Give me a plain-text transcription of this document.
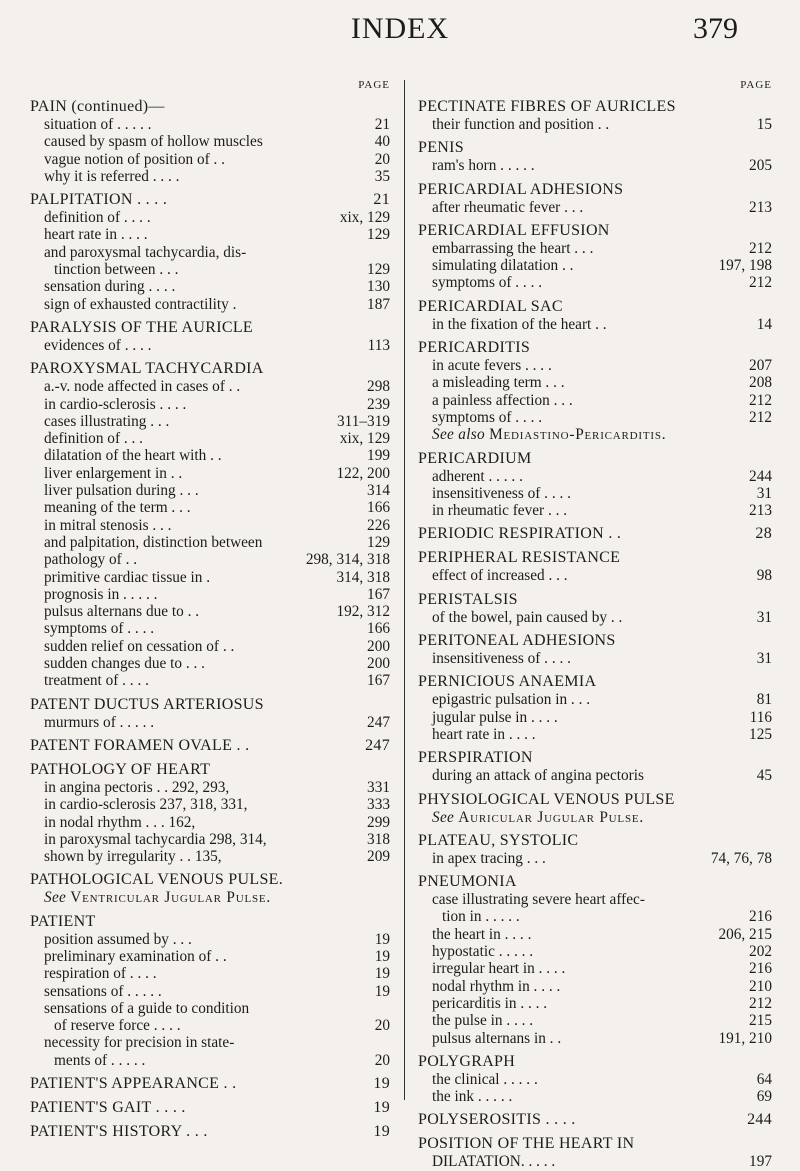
INDEX	379
PAGE
PAIN (continued)—
situation of . . . . .	21
caused by spasm of hollow muscles	40
vague notion of position of . .	20
why it is referred . . . .	35
PALPITATION . . . .	21
definition of . . . .	xix, 129
heart rate in . . . .	129
and paroxysmal tachycardia, dis-
tinction between . . .	129
sensation during . . . .	130
sign of exhausted contractility .	187
PARALYSIS OF THE AURICLE
evidences of . . . .	113
PAROXYSMAL TACHYCARDIA
a.-v. node affected in cases of . .	298
in cardio-sclerosis . . . .	239
cases illustrating . . .	311–319
definition of . . .	xix, 129
dilatation of the heart with . .	199
liver enlargement in . .	122, 200
liver pulsation during . . .	314
meaning of the term . . .	166
in mitral stenosis . . .	226
and palpitation, distinction between	129
pathology of . .	298, 314, 318
primitive cardiac tissue in .	314, 318
prognosis in . . . . .	167
pulsus alternans due to . .	192, 312
symptoms of . . . .	166
sudden relief on cessation of . .	200
sudden changes due to . . .	200
treatment of . . . .	167
PATENT DUCTUS ARTERIOSUS
murmurs of . . . . .	247
PATENT FORAMEN OVALE . .	247
PATHOLOGY OF HEART
in angina pectoris . . 292, 293,	331
in cardio-sclerosis 237, 318, 331,	333
in nodal rhythm . . . 162,	299
in paroxysmal tachycardia 298, 314,	318
shown by irregularity . . 135,	209
PATHOLOGICAL VENOUS PULSE.
See Ventricular Jugular Pulse.
PATIENT
position assumed by . . .	19
preliminary examination of . .	19
respiration of . . . .	19
sensations of . . . . .	19
sensations of a guide to condition
of reserve force . . . .	20
necessity for precision in state-
ments of . . . . .	20
PATIENT'S APPEARANCE . .	19
PATIENT'S GAIT . . . .	19
PATIENT'S HISTORY . . .	19
PAGE
PECTINATE FIBRES OF AURICLES
their function and position . .	15
PENIS
ram's horn . . . . .	205
PERICARDIAL ADHESIONS
after rheumatic fever . . .	213
PERICARDIAL EFFUSION
embarrassing the heart . . .	212
simulating dilatation . .	197, 198
symptoms of . . . .	212
PERICARDIAL SAC
in the fixation of the heart . .	14
PERICARDITIS
in acute fevers . . . .	207
a misleading term . . .	208
a painless affection . . .	212
symptoms of . . . .	212
See also Mediastino-Pericarditis.
PERICARDIUM
adherent . . . . .	244
insensitiveness of . . . .	31
in rheumatic fever . . .	213
PERIODIC RESPIRATION . .	28
PERIPHERAL RESISTANCE
effect of increased . . .	98
PERISTALSIS
of the bowel, pain caused by . .	31
PERITONEAL ADHESIONS
insensitiveness of . . . .	31
PERNICIOUS ANAEMIA
epigastric pulsation in . . .	81
jugular pulse in . . . .	116
heart rate in . . . .	125
PERSPIRATION
during an attack of angina pectoris	45
PHYSIOLOGICAL VENOUS PULSE
See Auricular Jugular Pulse.
PLATEAU, SYSTOLIC
in apex tracing . . .	74, 76, 78
PNEUMONIA
case illustrating severe heart affec-
tion in . . . . .	216
the heart in . . . .	206, 215
hypostatic . . . . .	202
irregular heart in . . . .	216
nodal rhythm in . . . .	210
pericarditis in . . . .	212
the pulse in . . . .	215
pulsus alternans in . .	191, 210
POLYGRAPH
the clinical . . . . .	64
the ink . . . . .	69
POLYSEROSITIS . . . .	244
POSITION OF THE HEART IN
DILATATION. . . . .	197
